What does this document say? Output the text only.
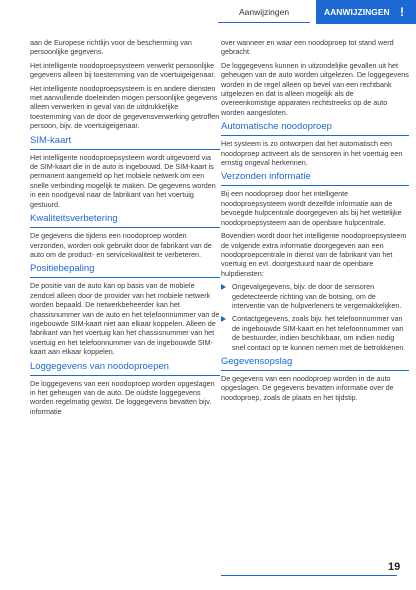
Aanwijzingen	AANWIJZINGEN !

aan de Europese richtlijn voor de bescherming van persoonlijke gegevens.

Het intelligente noodoproepsysteem verwerkt persoonlijke gegevens alleen bij toestemming van de voertuigeigenaar.

Het intelligente noodoproepsysteem is en andere diensten met aanvullende doeleinden mogen persoonlijke gegevens alleen verwerken in geval van de uitdrukkelijke toestemming van de door de gegevensverwerking getroffen persoon, bijv. de voertuigeigenaar.

SIM-kaart

Het intelligente noodoproepsysteem wordt uitgevoerd via de SIM-kaart die in de auto is ingebouwd. De SIM-kaart is permanent aangemeld op het mobiele netwerk om een snelle verbinding mogelijk te maken. De gegevens worden in een noodgeval naar de fabrikant van het voertuig gestuurd.

Kwaliteitsverbetering

De gegevens die tijdens een noodoproep worden verzonden, worden ook gebruikt door de fabrikant van de auto om de product- en servicekwaliteit te verbeteren.

Positiebepaling

De positie van de auto kan op basis van de mobiele zendcel alleen door de provider van het mobiele netwerk worden bepaald. De netwerkbeheerder kan het chassisnummer van de auto en het telefoonnummer van de ingebouwde SIM-kaart niet aan elkaar koppelen. Alleen de fabrikant van het voertuig kan het chassisnummer van het voertuig en het telefoonnummer van de ingebouwde SIM-kaart aan elkaar koppelen.

Loggegevens van noodoproepen

De loggegevens van een noodoproep worden opgeslagen in het geheugen van de auto. De oudste loggegevens worden regelmatig gewist. De loggegevens bevatten bijv. informatie

over wanneer en waar een noodoproep tot stand werd gebracht.

De loggegevens kunnen in uitzondelijke gevallen uit het geheugen van de auto worden uitgelezen. De loggegevens worden in de regel alleen op bevel van een rechtbank uitgelezen en dat is alleen mogelijk als de overeenkomstige apparaten rechtstreeks op de auto worden aangesloten.

Automatische noodoproep

Het systeem is zo ontworpen dat het automatisch een noodoproep activeert als de sensoren in het voertuig een ernstig ongeval herkennen.

Verzonden informatie

Bij een noodoproep door het intelligente noodoproepsysteem wordt dezelfde informatie aan de bevoegde hulpcentrale doorgegeven als bij het wettelijke noodoproepsysteem aan de openbare hulpcentrale.

Bovendien wordt door het intelligente noodoproepsysteem de volgende extra informatie doorgegeven aan een noodoproepcentrale in dienst van de fabrikant van het voertuig en evt. doorgestuurd naar de openbare hulpdiensten:

Ongevalgegevens, bijv. de door de sensoren gedetecteerde richting van de botsing, om de interventie van de hulpverleners te vergemakkelijken.
Contactgegevens, zoals bijv. het telefoonnummer van de ingebouwde SIM-kaart en het telefoonnummer van de bestuurder, indien beschikbaar, om indien nodig snel contact op te kunnen nemen met de betrokkenen.
Gegevensopslag

De gegevens van een noodoproep worden in de auto opgeslagen. De gegevens bevatten informatie over de noodoproep, zoals de plaats en het tijdstip.

19
